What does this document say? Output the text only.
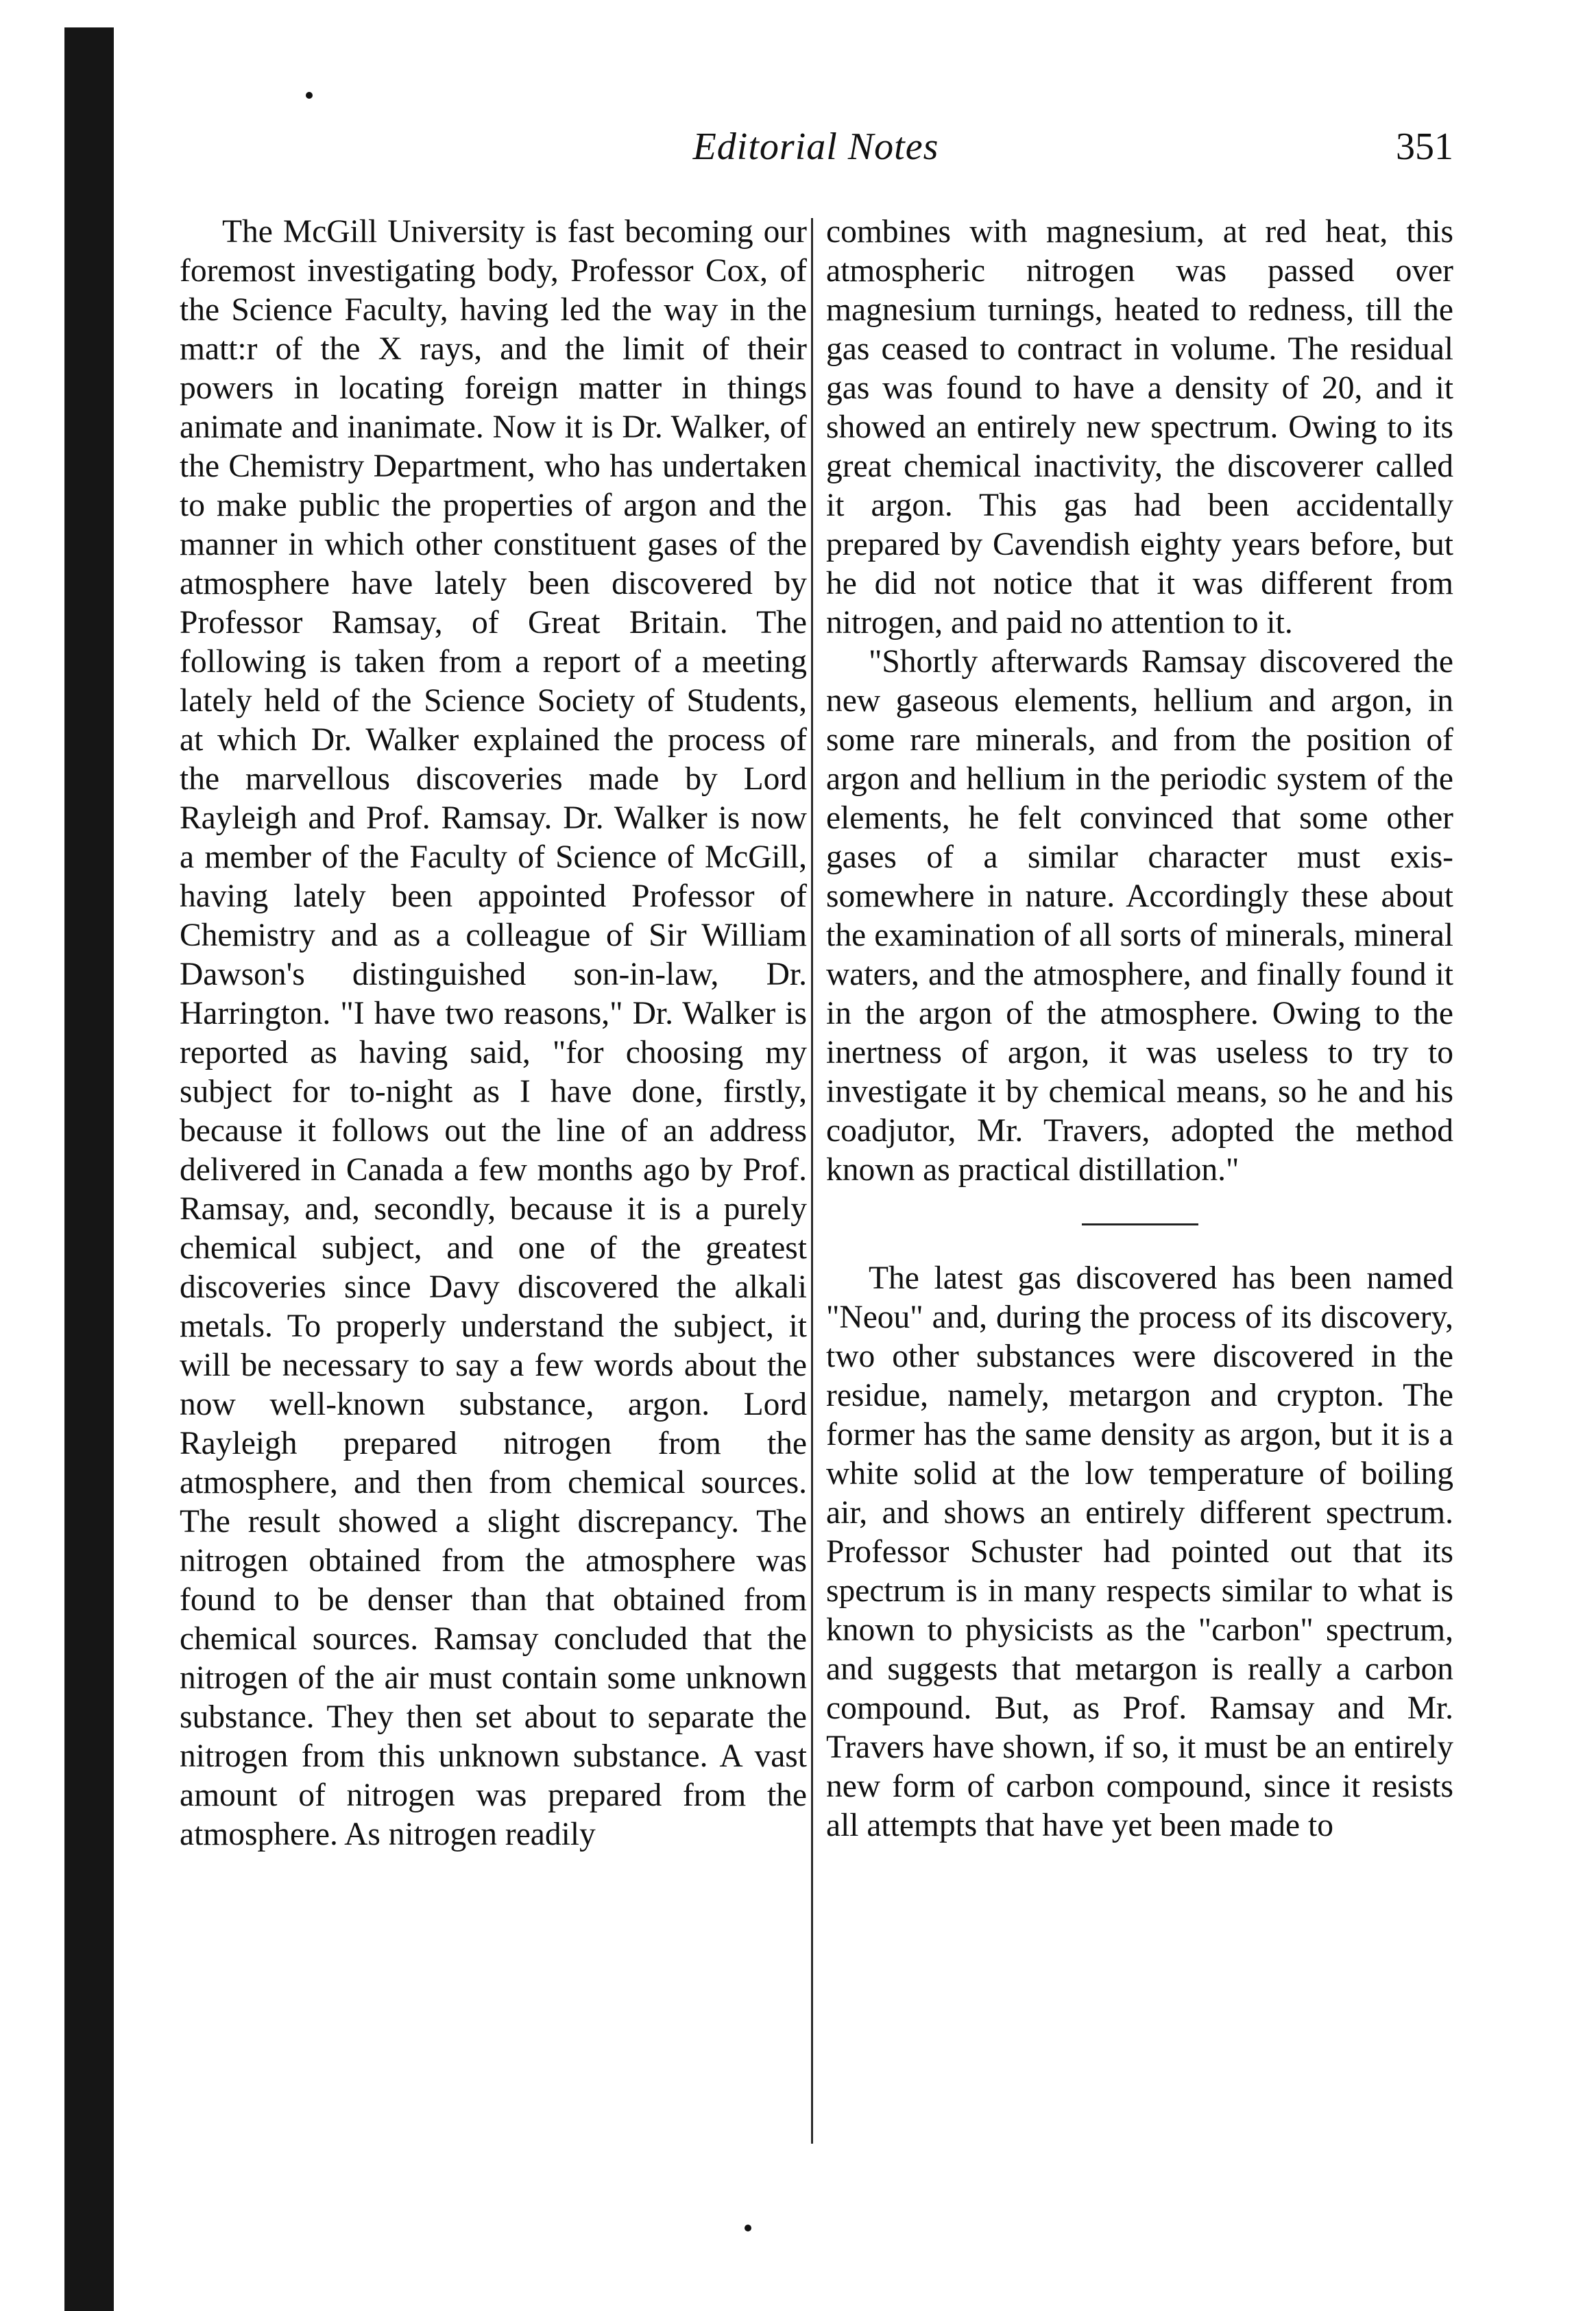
Editorial Notes	351

The McGill University is fast becoming our foremost investigating body, Professor Cox, of the Science Faculty, having led the way in the matt:r of the X rays, and the limit of their powers in locating foreign matter in things animate and inanimate. Now it is Dr. Walker, of the Chemistry Department, who has undertaken to make public the properties of argon and the manner in which other constituent gases of the atmosphere have lately been discovered by Professor Ramsay, of Great Britain. The following is taken from a report of a meeting lately held of the Science Society of Students, at which Dr. Walker explained the process of the marvellous discoveries made by Lord Rayleigh and Prof. Ramsay. Dr. Walker is now a member of the Faculty of Science of McGill, having lately been appointed Professor of Chemistry and as a colleague of Sir William Dawson's distinguished son-in-law, Dr. Harrington. "I have two reasons," Dr. Walker is reported as having said, "for choosing my subject for to-night as I have done, firstly, because it follows out the line of an address delivered in Canada a few months ago by Prof. Ramsay, and, secondly, because it is a purely chemical subject, and one of the greatest discoveries since Davy discovered the alkali metals. To properly understand the subject, it will be necessary to say a few words about the now well-known substance, argon. Lord Rayleigh prepared nitrogen from the atmosphere, and then from chemical sources. The result showed a slight discrepancy. The nitrogen obtained from the atmosphere was found to be denser than that obtained from chemical sources. Ramsay concluded that the nitrogen of the air must contain some unknown substance. They then set about to separate the nitrogen from this unknown substance. A vast amount of nitrogen was prepared from the atmosphere. As nitrogen readily

combines with magnesium, at red heat, this atmospheric nitrogen was passed over magnesium turnings, heated to redness, till the gas ceased to contract in volume. The residual gas was found to have a density of 20, and it showed an entirely new spectrum. Owing to its great chemical inactivity, the discoverer called it argon. This gas had been accidentally prepared by Cavendish eighty years before, but he did not notice that it was different from nitrogen, and paid no attention to it.

"Shortly afterwards Ramsay discovered the new gaseous elements, hellium and argon, in some rare minerals, and from the position of argon and hellium in the periodic system of the elements, he felt convinced that some other gases of a similar character must exis-somewhere in nature. Accordingly these about the examination of all sorts of minerals, mineral waters, and the atmosphere, and finally found it in the argon of the atmosphere. Owing to the inertness of argon, it was useless to try to investigate it by chemical means, so he and his coadjutor, Mr. Travers, adopted the method known as practical distillation."

The latest gas discovered has been named "Neou" and, during the process of its discovery, two other substances were discovered in the residue, namely, metargon and crypton. The former has the same density as argon, but it is a white solid at the low temperature of boiling air, and shows an entirely different spectrum. Professor Schuster had pointed out that its spectrum is in many respects similar to what is known to physicists as the "carbon" spectrum, and suggests that metargon is really a carbon compound. But, as Prof. Ramsay and Mr. Travers have shown, if so, it must be an entirely new form of carbon compound, since it resists all attempts that have yet been made to
